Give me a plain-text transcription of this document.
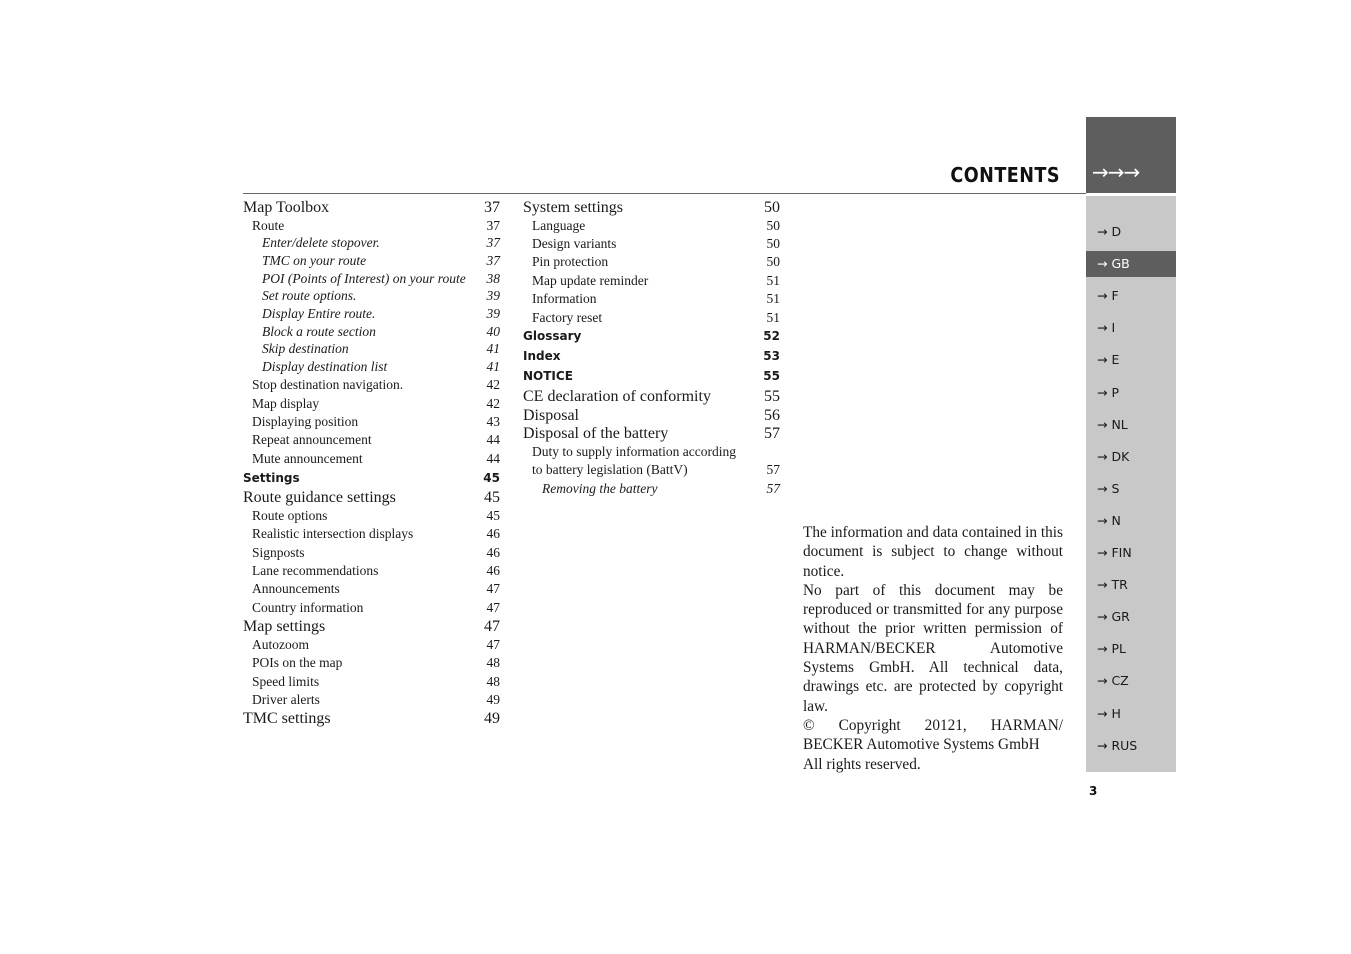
CONTENTS →→→
→ D
→ GB
→ F
→ I
→ E
→ P
→ NL
→ DK
→ S
→ N
→ FIN
→ TR
→ GR
→ PL
→ CZ
→ H
→ RUS
Map Toolbox	37
Route	37
Enter/delete stopover.	37
TMC on your route	37
POI (Points of Interest) on your route	38
Set route options.	39
Display Entire route.	39
Block a route section	40
Skip destination	41
Display destination list	41
Stop destination navigation.	42
Map display	42
Displaying position	43
Repeat announcement	44
Mute announcement	44
Settings	45
Route guidance settings	45
Route options	45
Realistic intersection displays	46
Signposts	46
Lane recommendations	46
Announcements	47
Country information	47
Map settings	47
Autozoom	47
POIs on the map	48
Speed limits	48
Driver alerts	49
TMC settings	49
System settings	50
Language	50
Design variants	50
Pin protection	50
Map update reminder	51
Information	51
Factory reset	51
Glossary	52
Index	53
NOTICE	55
CE declaration of conformity	55
Disposal	56
Disposal of the battery	57
Duty to supply information according
to battery legislation (BattV)	57
Removing the battery	57

The information and data contained in this document is subject to change without notice.

No part of this document may be reproduced or transmitted for any purpose without the prior written permission of HARMAN/BECKER Automotive Systems GmbH. All technical data, drawings etc. are protected by copyright law.

© Copyright 20121, HARMAN/ BECKER Automotive Systems GmbH

All rights reserved.

3
